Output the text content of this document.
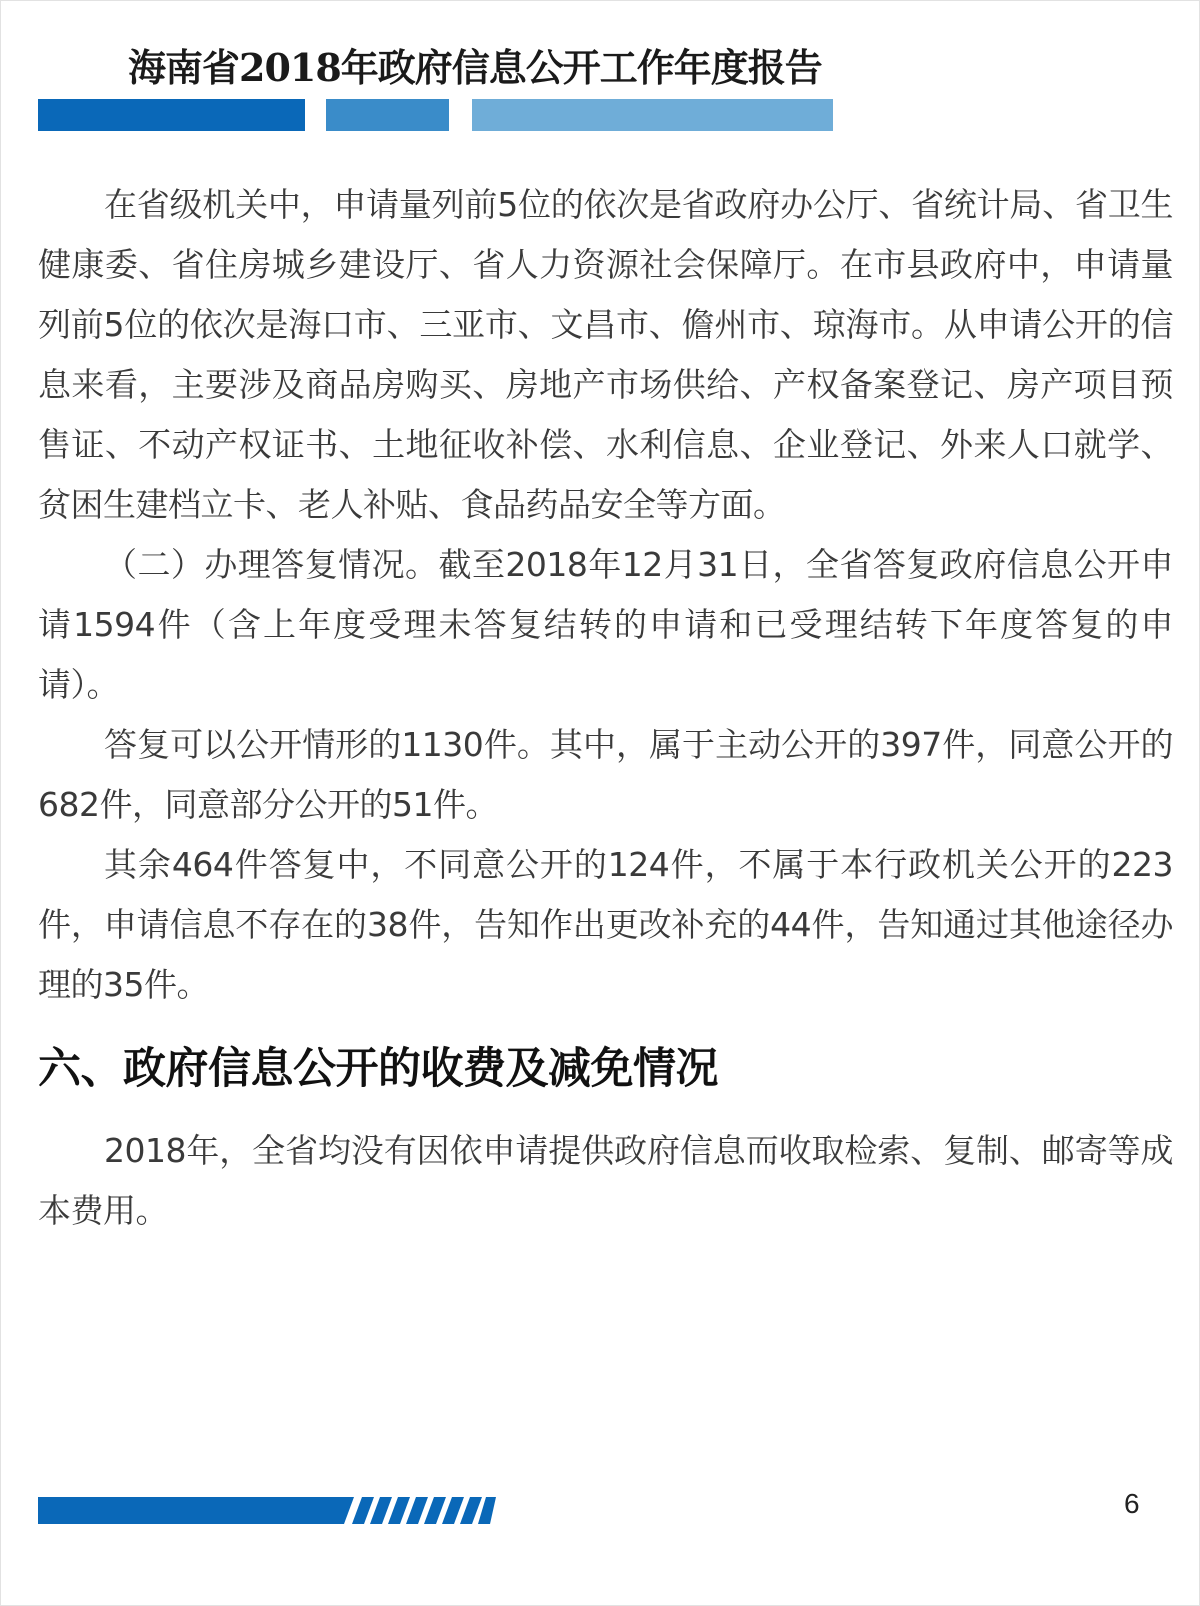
海南省2018年政府信息公开工作年度报告

在省级机关中，申请量列前5位的依次是省政府办公厅、省统计局、省卫生健康委、省住房城乡建设厅、省人力资源社会保障厅。在市县政府中，申请量列前5位的依次是海口市、三亚市、文昌市、儋州市、琼海市。从申请公开的信息来看，主要涉及商品房购买、房地产市场供给、产权备案登记、房产项目预售证、不动产权证书、土地征收补偿、水利信息、企业登记、外来人口就学、贫困生建档立卡、老人补贴、食品药品安全等方面。

（二）办理答复情况。截至2018年12月31日，全省答复政府信息公开申请1594件（含上年度受理未答复结转的申请和已受理结转下年度答复的申请）。

答复可以公开情形的1130件。其中，属于主动公开的397件，同意公开的682件，同意部分公开的51件。

其余464件答复中，不同意公开的124件，不属于本行政机关公开的223件，申请信息不存在的38件，告知作出更改补充的44件，告知通过其他途径办理的35件。

六、政府信息公开的收费及减免情况

2018年，全省均没有因依申请提供政府信息而收取检索、复制、邮寄等成本费用。

6
